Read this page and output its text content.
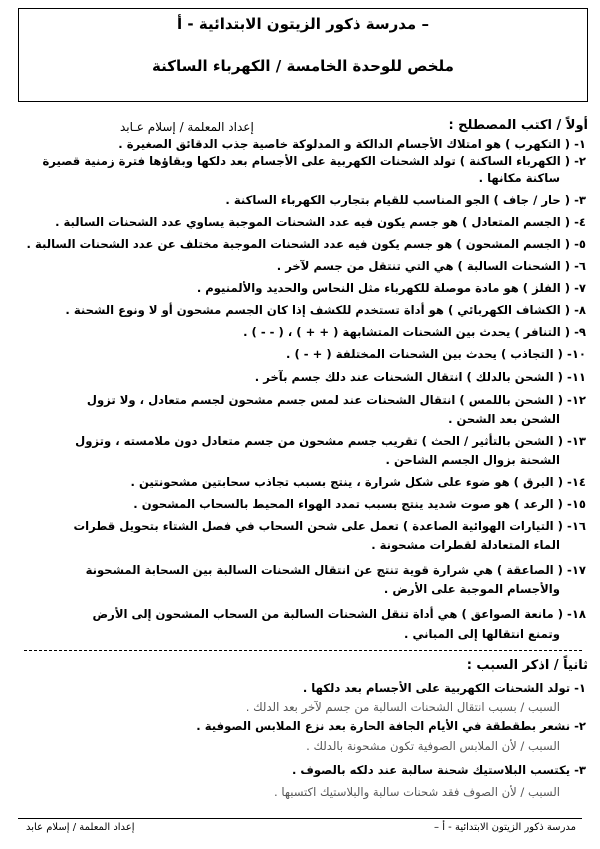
مدرسة ذكور الزيتون الابتدائية - أ –
ملخص للوحدة الخامسة / الكهرباء الساكنة
أولاً / اكتب المصطلح :
إعداد المعلمة / إسلام عـابد
١- ( التكهرب ) هو امتلاك الأجسام الدالكة و المدلوكة خاصية جذب الدقائق الصغيرة .
٢- ( الكهرباء الساكنة ) تولد الشحنات الكهربية على الأجسام بعد دلكها وبقاؤها فترة زمنية قصيرة
ساكنة مكانها .
٣- ( حار / جاف ) الجو المناسب للقيام بتجارب الكهرباء الساكنة .
٤- ( الجسم المتعادل ) هو جسم يكون فيه عدد الشحنات الموجبة يساوي عدد الشحنات السالبة .
٥- ( الجسم المشحون ) هو جسم يكون فيه عدد الشحنات الموجبة مختلف عن عدد الشحنات السالبة .
٦- ( الشحنات السالبة ) هي التي تنتقل من جسم لآخر .
٧- ( الفلز ) هو مادة موصلة للكهرباء مثل النحاس والحديد والألمنيوم .
٨- ( الكشاف الكهربائي ) هو أداة تستخدم للكشف إذا كان الجسم مشحون أو لا ونوع الشحنة .
٩- ( التنافر ) يحدث بين الشحنات المتشابهة ( + + ) ، ( - - ) .
١٠- ( التجاذب ) يحدث بين الشحنات المختلفة ( + - ) .
١١- ( الشحن بالدلك ) انتقال الشحنات عند دلك جسم بآخر .
١٢- ( الشحن باللمس ) انتقال الشحنات عند لمس جسم مشحون لجسم متعادل ، ولا تزول
الشحن بعد الشحن .
١٣- ( الشحن بالتأثير / الحث ) تقريب جسم مشحون من جسم متعادل دون ملامسته ، وتزول
الشحنة بزوال الجسم الشاحن .
١٤- ( البرق ) هو ضوء على شكل شرارة ، ينتج بسبب تجاذب سحابتين مشحونتين .
١٥- ( الرعد ) هو صوت شديد ينتج بسبب تمدد الهواء المحيط بالسحاب المشحون .
١٦- ( التيارات الهوائية الصاعدة ) تعمل على شحن السحاب في فصل الشتاء بتحويل قطرات
الماء المتعادلة لقطرات مشحونة .
١٧- ( الصاعقة ) هي شرارة قوية تنتج عن انتقال الشحنات السالبة بين السحابة المشحونة
والأجسام الموجبة على الأرض .
١٨- ( مانعة الصواعق ) هي أداة تنقل الشحنات السالبة من السحاب المشحون إلى الأرض
وتمنع انتقالها إلى المباني .
ثانياً / اذكر السبب :
١- تولد الشحنات الكهربية على الأجسام بعد دلكها .
السبب / بسبب انتقال الشحنات السالبة من جسم لآخر بعد الدلك .
٢- نشعر بطقطقة في الأيام الجافة الحارة بعد نزع الملابس الصوفية .
السبب / لأن الملابس الصوفية تكون مشحونة بالدلك .
٣- يكتسب البلاستيك شحنة سالبة عند دلكه بالصوف .
السبب / لأن الصوف فقد شحنات سالبة والبلاستيك اكتسبها .
مدرسة ذكور الزيتون الابتدائية - أ –
إعداد المعلمة / إسلام عابد
